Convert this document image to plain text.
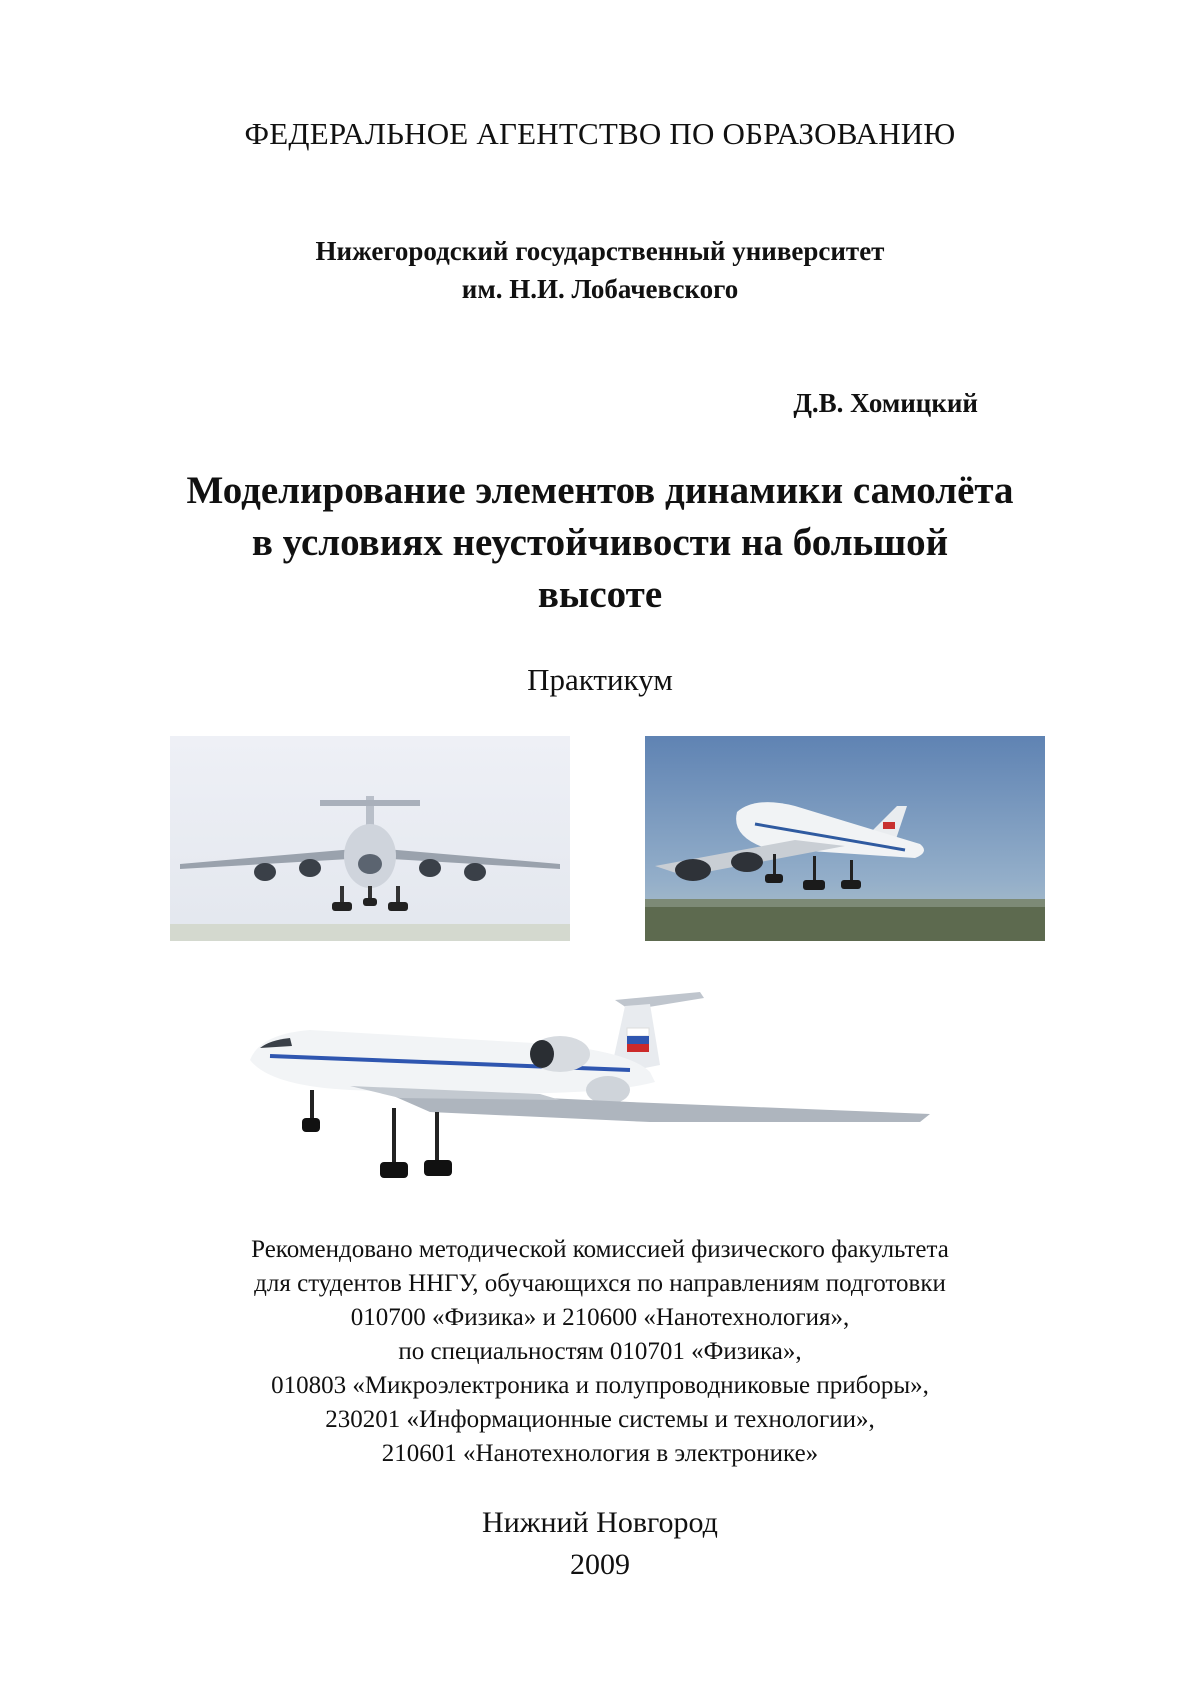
ФЕДЕРАЛЬНОЕ АГЕНТСТВО ПО ОБРАЗОВАНИЮ
Нижегородский государственный университет
им. Н.И. Лобачевского
Д.В. Хомицкий
Моделирование элементов динамики самолёта
в условиях неустойчивости на большой
высоте
Практикум
Рекомендовано методической комиссией физического факультета
для студентов ННГУ, обучающихся по направлениям подготовки
010700 «Физика» и 210600 «Нанотехнология»,
по специальностям 010701 «Физика»,
010803 «Микроэлектроника и полупроводниковые приборы»,
230201 «Информационные системы и технологии»,
210601 «Нанотехнология в электронике»
Нижний Новгород
2009
